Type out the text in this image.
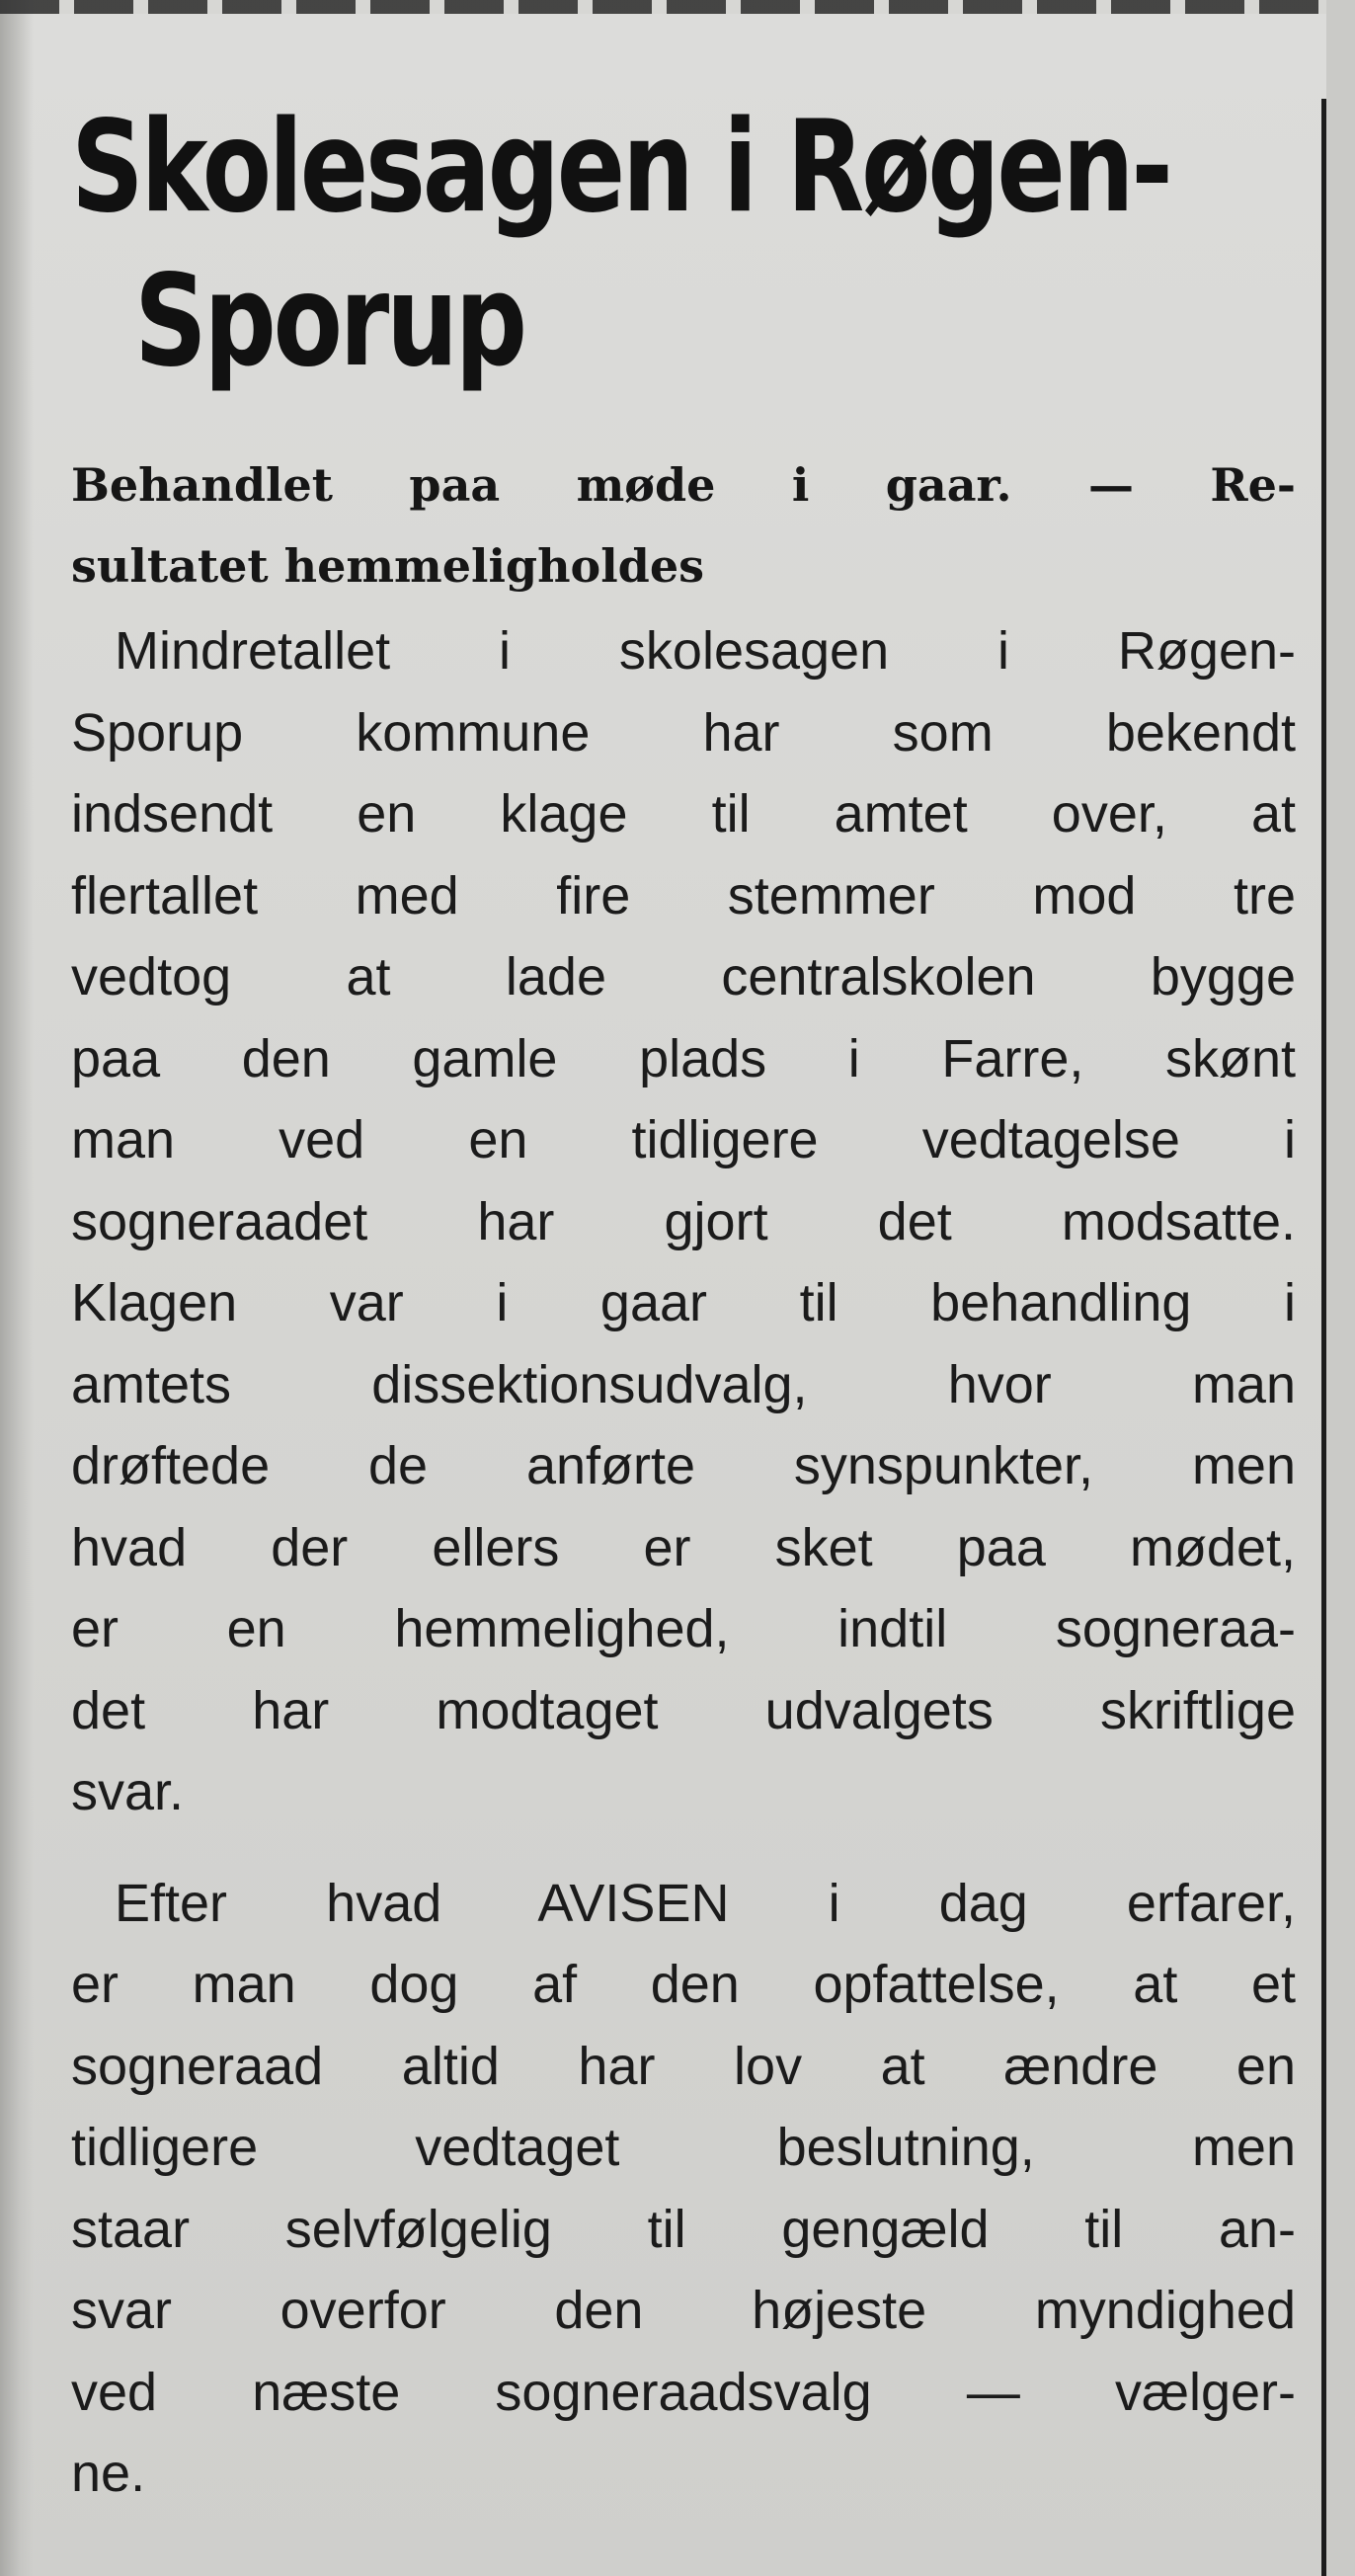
Skolesagen i Røgen-
Sporup
Behandlet paa møde i gaar. — Re-
sultatet hemmeligholdes
Mindretallet i skolesagen i Røgen-
Sporup kommune har som bekendt
indsendt en klage til amtet over, at
flertallet med fire stemmer mod tre
vedtog at lade centralskolen bygge
paa den gamle plads i Farre, skønt
man ved en tidligere vedtagelse i
sogneraadet har gjort det modsatte.
Klagen var i gaar til behandling i
amtets dissektionsudvalg, hvor man
drøftede de anførte synspunkter, men
hvad der ellers er sket paa mødet,
er en hemmelighed, indtil sogneraa-
det har modtaget udvalgets skriftlige
svar.
Efter hvad AVISEN i dag erfarer,
er man dog af den opfattelse, at et
sogneraad altid har lov at ændre en
tidligere vedtaget beslutning, men
staar selvfølgelig til gengæld til an-
svar overfor den højeste myndighed
ved næste sogneraadsvalg — vælger-
ne.
